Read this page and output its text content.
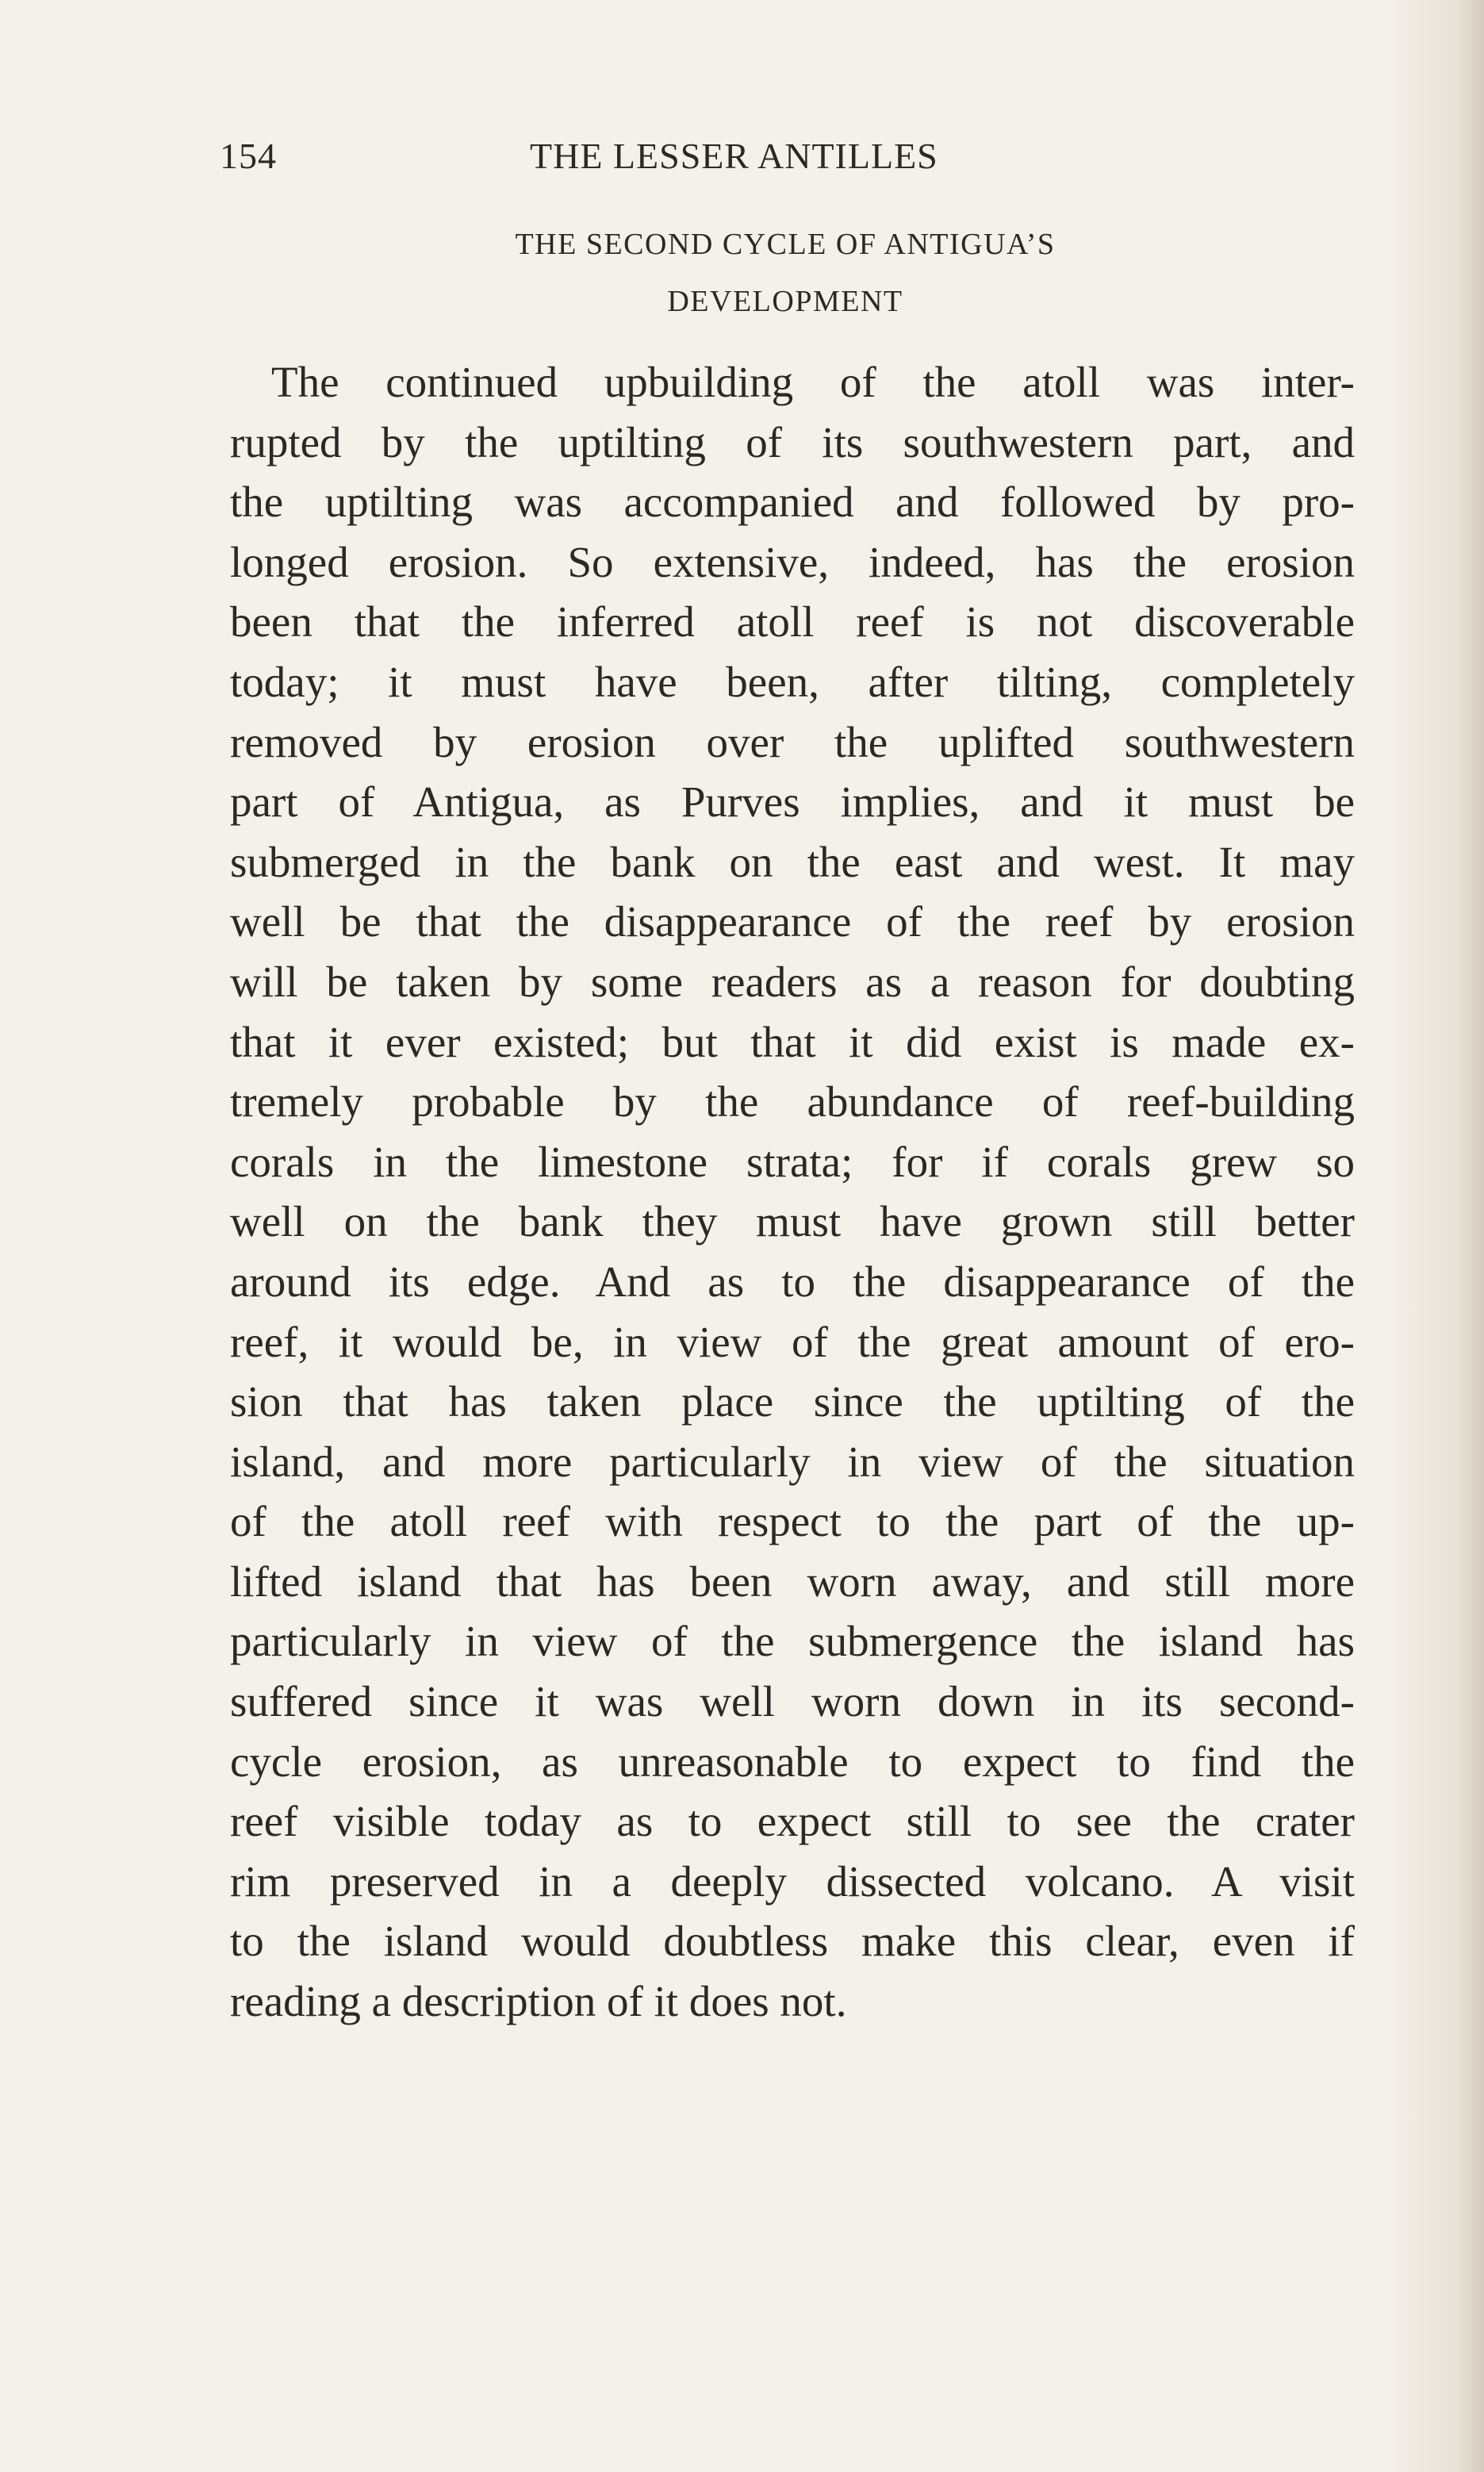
154	THE LESSER ANTILLES
THE SECOND CYCLE OF ANTIGUA’S
DEVELOPMENT
The continued upbuilding of the atoll was inter-
rupted by the uptilting of its southwestern part, and
the uptilting was accompanied and followed by pro-
longed erosion. So extensive, indeed, has the erosion
been that the inferred atoll reef is not discoverable
today; it must have been, after tilting, completely
removed by erosion over the uplifted southwestern
part of Antigua, as Purves implies, and it must be
submerged in the bank on the east and west. It may
well be that the disappearance of the reef by erosion
will be taken by some readers as a reason for doubting
that it ever existed; but that it did exist is made ex-
tremely probable by the abundance of reef-building
corals in the limestone strata; for if corals grew so
well on the bank they must have grown still better
around its edge. And as to the disappearance of the
reef, it would be, in view of the great amount of ero-
sion that has taken place since the uptilting of the
island, and more particularly in view of the situation
of the atoll reef with respect to the part of the up-
lifted island that has been worn away, and still more
particularly in view of the submergence the island has
suffered since it was well worn down in its second-
cycle erosion, as unreasonable to expect to find the
reef visible today as to expect still to see the crater
rim preserved in a deeply dissected volcano. A visit
to the island would doubtless make this clear, even if
reading a description of it does not.
